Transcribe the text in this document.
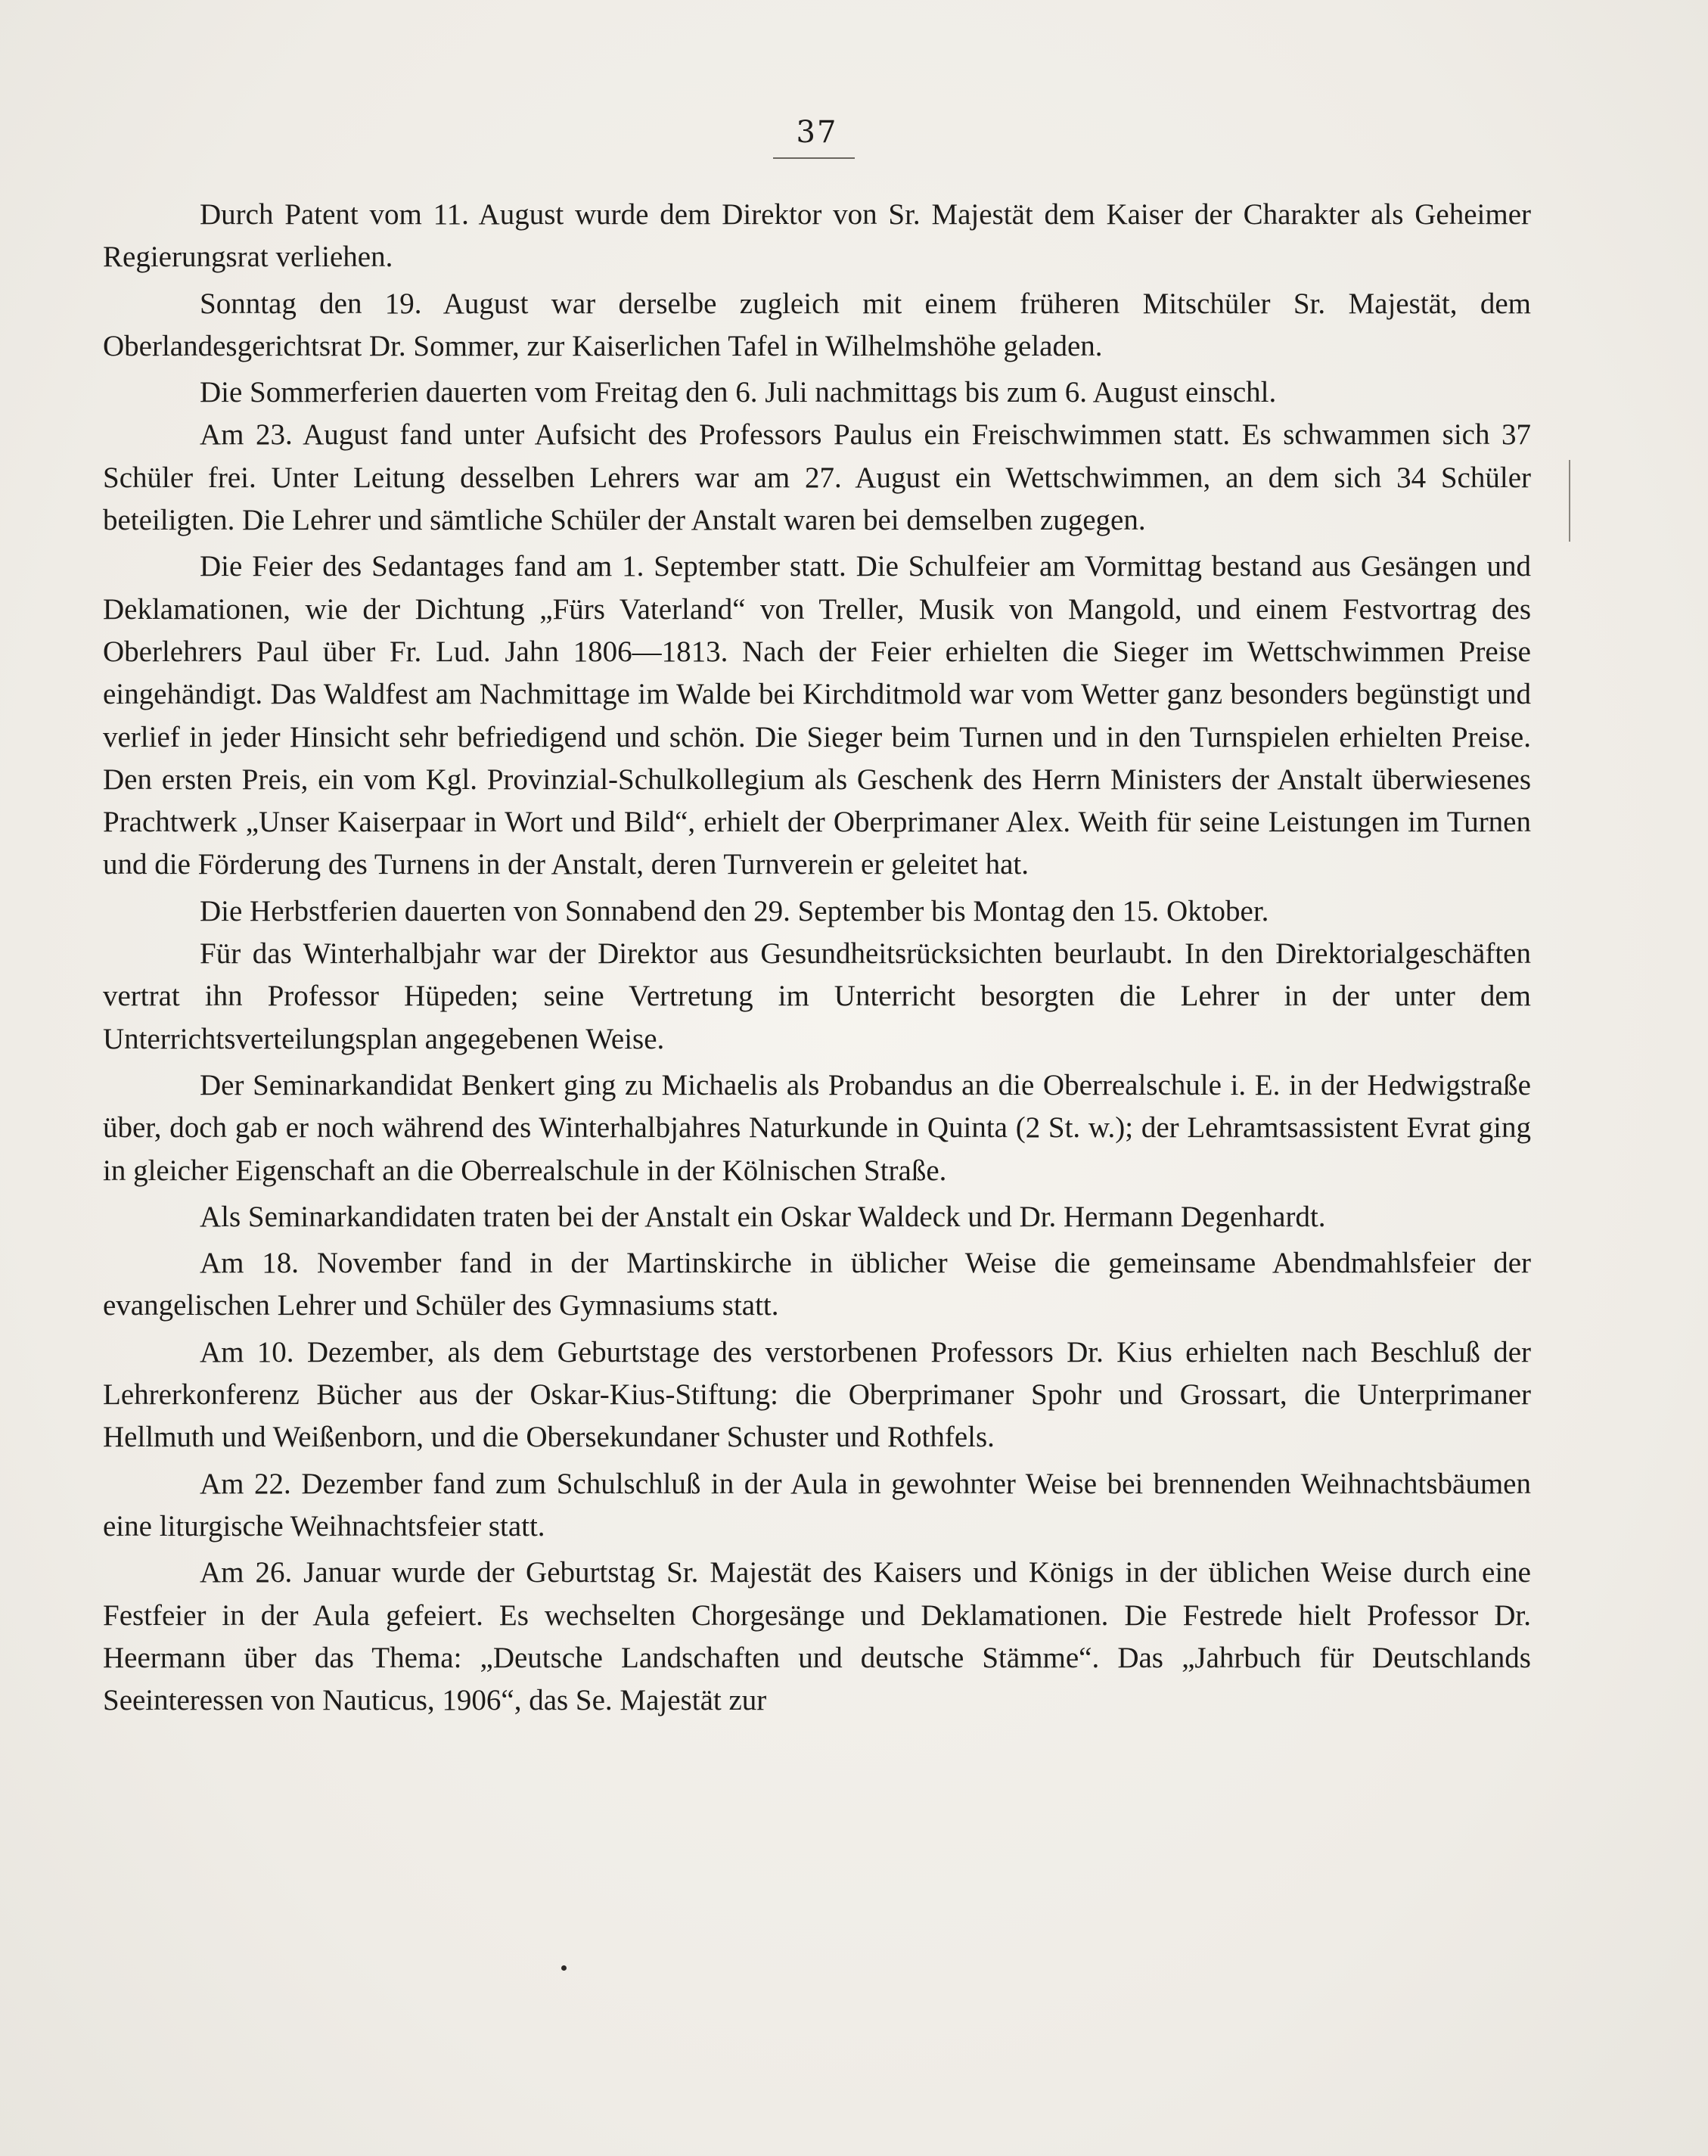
37

Durch Patent vom 11. August wurde dem Direktor von Sr. Majestät dem Kaiser der Charakter als Geheimer Regierungsrat verliehen.

Sonntag den 19. August war derselbe zugleich mit einem früheren Mitschüler Sr. Majestät, dem Oberlandesgerichtsrat Dr. Sommer, zur Kaiserlichen Tafel in Wilhelmshöhe geladen.

Die Sommerferien dauerten vom Freitag den 6. Juli nachmittags bis zum 6. August einschl.

Am 23. August fand unter Aufsicht des Professors Paulus ein Freischwimmen statt. Es schwammen sich 37 Schüler frei. Unter Leitung desselben Lehrers war am 27. August ein Wettschwimmen, an dem sich 34 Schüler beteiligten. Die Lehrer und sämtliche Schüler der Anstalt waren bei demselben zugegen.

Die Feier des Sedantages fand am 1. September statt. Die Schulfeier am Vormittag bestand aus Gesängen und Deklamationen, wie der Dichtung „Fürs Vaterland“ von Treller, Musik von Mangold, und einem Festvortrag des Oberlehrers Paul über Fr. Lud. Jahn 1806—1813. Nach der Feier erhielten die Sieger im Wettschwimmen Preise eingehändigt. Das Waldfest am Nachmittage im Walde bei Kirchditmold war vom Wetter ganz besonders begünstigt und verlief in jeder Hinsicht sehr befriedigend und schön. Die Sieger beim Turnen und in den Turnspielen erhielten Preise. Den ersten Preis, ein vom Kgl. Provinzial-Schulkollegium als Geschenk des Herrn Ministers der Anstalt überwiesenes Prachtwerk „Unser Kaiserpaar in Wort und Bild“, erhielt der Oberprimaner Alex. Weith für seine Leistungen im Turnen und die Förderung des Turnens in der Anstalt, deren Turnverein er geleitet hat.

Die Herbstferien dauerten von Sonnabend den 29. September bis Montag den 15. Oktober.

Für das Winterhalbjahr war der Direktor aus Gesundheitsrücksichten beurlaubt. In den Direktorialgeschäften vertrat ihn Professor Hüpeden; seine Vertretung im Unterricht besorgten die Lehrer in der unter dem Unterrichtsverteilungsplan angegebenen Weise.

Der Seminarkandidat Benkert ging zu Michaelis als Probandus an die Oberrealschule i. E. in der Hedwigstraße über, doch gab er noch während des Winterhalbjahres Naturkunde in Quinta (2 St. w.); der Lehramtsassistent Evrat ging in gleicher Eigenschaft an die Oberrealschule in der Kölnischen Straße.

Als Seminarkandidaten traten bei der Anstalt ein Oskar Waldeck und Dr. Hermann Degenhardt.

Am 18. November fand in der Martinskirche in üblicher Weise die gemeinsame Abendmahlsfeier der evangelischen Lehrer und Schüler des Gymnasiums statt.

Am 10. Dezember, als dem Geburtstage des verstorbenen Professors Dr. Kius erhielten nach Beschluß der Lehrerkonferenz Bücher aus der Oskar-Kius-Stiftung: die Oberprimaner Spohr und Grossart, die Unterprimaner Hellmuth und Weißenborn, und die Obersekundaner Schuster und Rothfels.

Am 22. Dezember fand zum Schulschluß in der Aula in gewohnter Weise bei brennenden Weihnachtsbäumen eine liturgische Weihnachtsfeier statt.

Am 26. Januar wurde der Geburtstag Sr. Majestät des Kaisers und Königs in der üblichen Weise durch eine Festfeier in der Aula gefeiert. Es wechselten Chorgesänge und Deklamationen. Die Festrede hielt Professor Dr. Heermann über das Thema: „Deutsche Landschaften und deutsche Stämme“. Das „Jahrbuch für Deutschlands Seeinteressen von Nauticus, 1906“, das Se. Majestät zur
